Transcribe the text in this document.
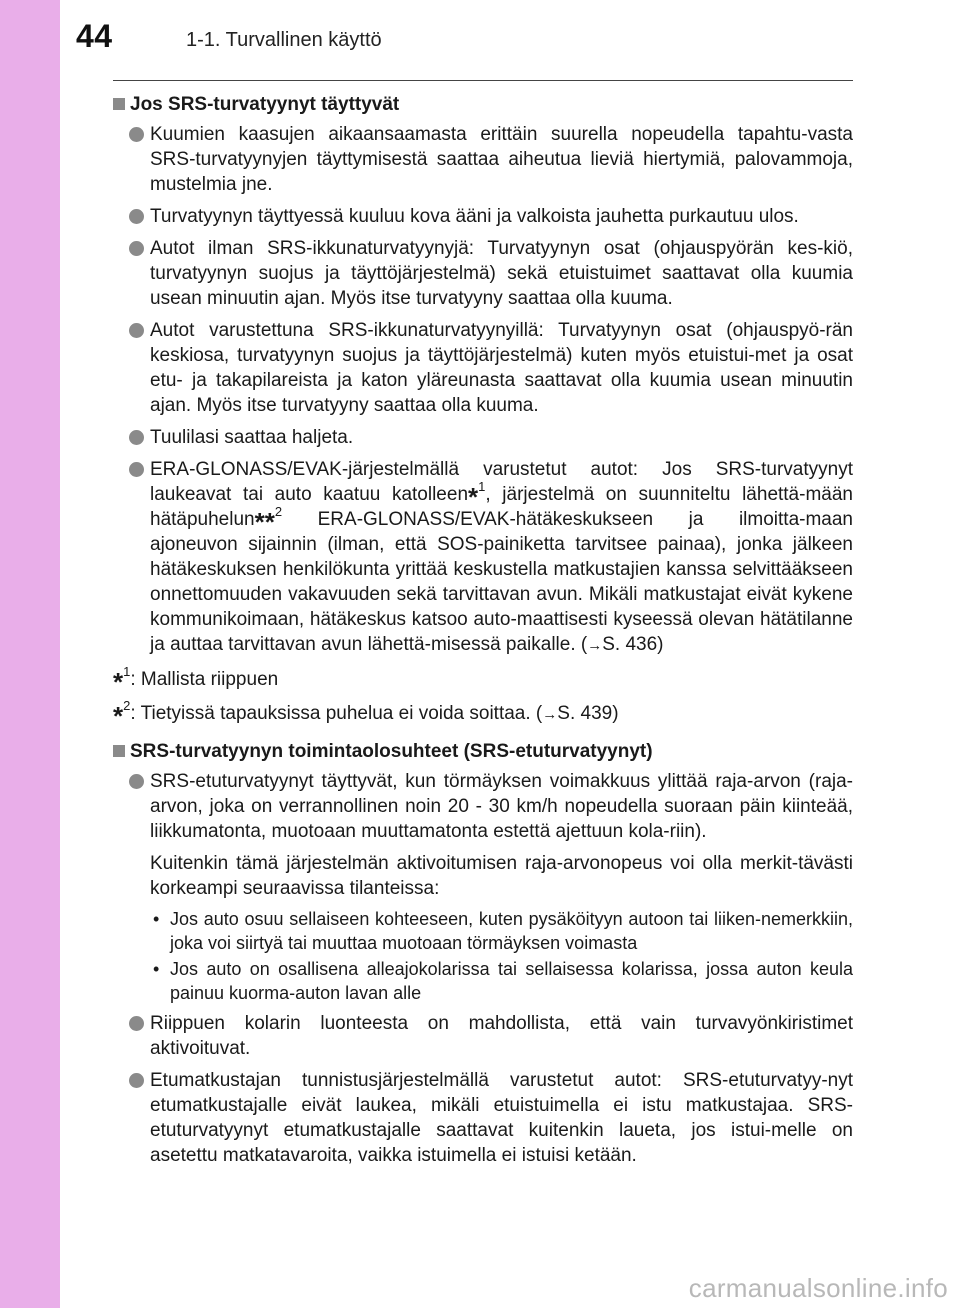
44	1-1. Turvallinen käyttö
Jos SRS-turvatyynyt täyttyvät
Kuumien kaasujen aikaansaamasta erittäin suurella nopeudella tapahtu-vasta SRS-turvatyynyjen täyttymisestä saattaa aiheutua lieviä hiertymiä, palovammoja, mustelmia jne.
Turvatyynyn täyttyessä kuuluu kova ääni ja valkoista jauhetta purkautuu ulos.
Autot ilman SRS-ikkunaturvatyynyjä: Turvatyynyn osat (ohjauspyörän kes-kiö, turvatyynyn suojus ja täyttöjärjestelmä) sekä etuistuimet saattavat olla kuumia usean minuutin ajan. Myös itse turvatyyny saattaa olla kuuma.
Autot varustettuna SRS-ikkunaturvatyynyillä: Turvatyynyn osat (ohjauspyö-rän keskiosa, turvatyynyn suojus ja täyttöjärjestelmä) kuten myös etuistui-met ja osat etu- ja takapilareista ja katon yläreunasta saattavat olla kuumia usean minuutin ajan. Myös itse turvatyyny saattaa olla kuuma.
Tuulilasi saattaa haljeta.
ERA-GLONASS/EVAK-järjestelmällä varustetut autot: Jos SRS-turvatyynyt laukeavat tai auto kaatuu katolleen*$^1$, järjestelmä on suunniteltu lähettä-mään hätäpuhelun**$^2$ ERA-GLONASS/EVAK-hätäkeskukseen ja ilmoitta-maan ajoneuvon sijainnin (ilman, että SOS-painiketta tarvitsee painaa), jonka jälkeen hätäkeskuksen henkilökunta yrittää keskustella matkustajien kanssa selvittääkseen onnettomuuden vakavuuden sekä tarvittavan avun. Mikäli matkustajat eivät kykene kommunikoimaan, hätäkeskus katsoo auto-maattisesti kyseessä olevan hätätilanne ja auttaa tarvittavan avun lähettä-misessä paikalle. (→S. 436)
*$^1$: Mallista riippuen
*$^2$: Tietyissä tapauksissa puhelua ei voida soittaa. (→S. 439)
SRS-turvatyynyn toimintaolosuhteet (SRS-etuturvatyynyt)
SRS-etuturvatyynyt täyttyvät, kun törmäyksen voimakkuus ylittää raja-arvon (raja-arvon, joka on verrannollinen noin 20 - 30 km/h nopeudella suoraan päin kiinteää, liikkumatonta, muotoaan muuttamatonta estettä ajettuun kola-riin).
Kuitenkin tämä järjestelmän aktivoitumisen raja-arvonopeus voi olla merkit-tävästi korkeampi seuraavissa tilanteissa:
• Jos auto osuu sellaiseen kohteeseen, kuten pysäköityyn autoon tai liiken-nemerkkiin, joka voi siirtyä tai muuttaa muotoaan törmäyksen voimasta
• Jos auto on osallisena alleajokolarissa tai sellaisessa kolarissa, jossa auton keula painuu kuorma-auton lavan alle
Riippuen kolarin luonteesta on mahdollista, että vain turvavyönkiristimet aktivoituvat.
Etumatkustajan tunnistusjärjestelmällä varustetut autot: SRS-etuturvatyy-nyt etumatkustajalle eivät laukea, mikäli etuistuimella ei istu matkustajaa. SRS-etuturvatyynyt etumatkustajalle saattavat kuitenkin laueta, jos istui-melle on asetettu matkatavaroita, vaikka istuimella ei istuisi ketään.
carmanualsonline.info
